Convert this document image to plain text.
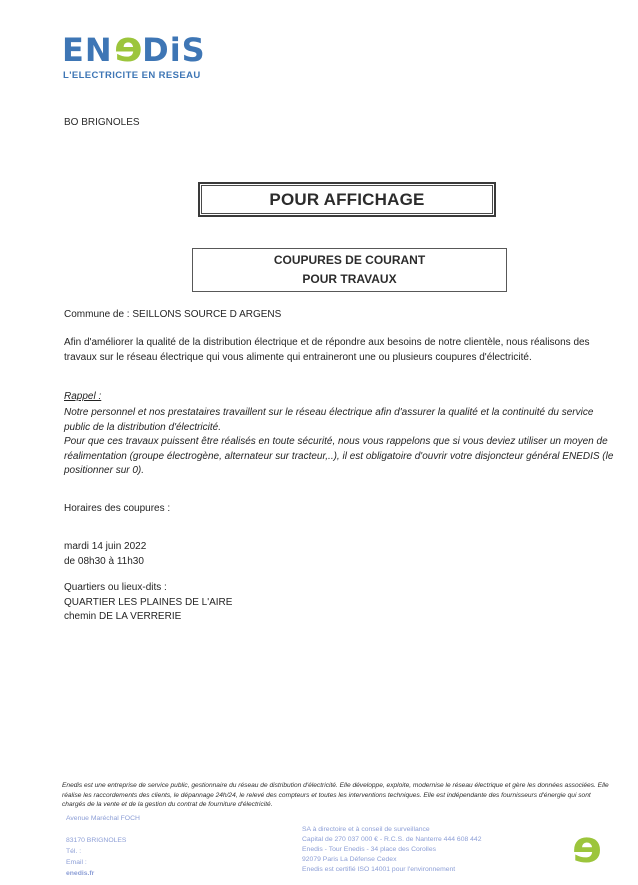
ENeDiS
L'ELECTRICITE EN RESEAU
BO BRIGNOLES
POUR AFFICHAGE
COUPURES DE COURANT
POUR TRAVAUX
Commune de : SEILLONS SOURCE D ARGENS
Afin d'améliorer la qualité de la distribution électrique et de répondre aux besoins de notre clientèle, nous réalisons des travaux sur le réseau électrique qui vous alimente qui entraineront une ou plusieurs coupures d'électricité.
Rappel :
Notre personnel et nos prestataires travaillent sur le réseau électrique afin d'assurer la qualité et la continuité du service public de la distribution d'électricité.
Pour que ces travaux puissent être réalisés en toute sécurité, nous vous rappelons que si vous deviez utiliser un moyen de réalimentation (groupe électrogène, alternateur sur tracteur,..), il est obligatoire d'ouvrir votre disjoncteur général ENEDIS (le positionner sur 0).
Horaires des coupures :
mardi 14 juin 2022
de 08h30 à 11h30
Quartiers ou lieux-dits :
QUARTIER LES PLAINES DE L'AIRE
chemin DE LA VERRERIE
Enedis est une entreprise de service public, gestionnaire du réseau de distribution d'électricité. Elle développe, exploite, modernise le réseau électrique et gère les données associées. Elle réalise les raccordements des clients, le dépannage 24h/24, le relevé des compteurs et toutes les interventions techniques. Elle est indépendante des fournisseurs d'énergie qui sont chargés de la vente et de la gestion du contrat de fourniture d'électricité.
Avenue Maréchal FOCH
83170 BRIGNOLES
Tél. :
Email :
enedis.fr
SA à directoire et à conseil de surveillance
Capital de 270 037 000 € - R.C.S. de Nanterre 444 608 442
Enedis - Tour Enedis - 34 place des Corolles
92079 Paris La Défense Cedex
Enedis est certifié ISO 14001 pour l'environnement	e
